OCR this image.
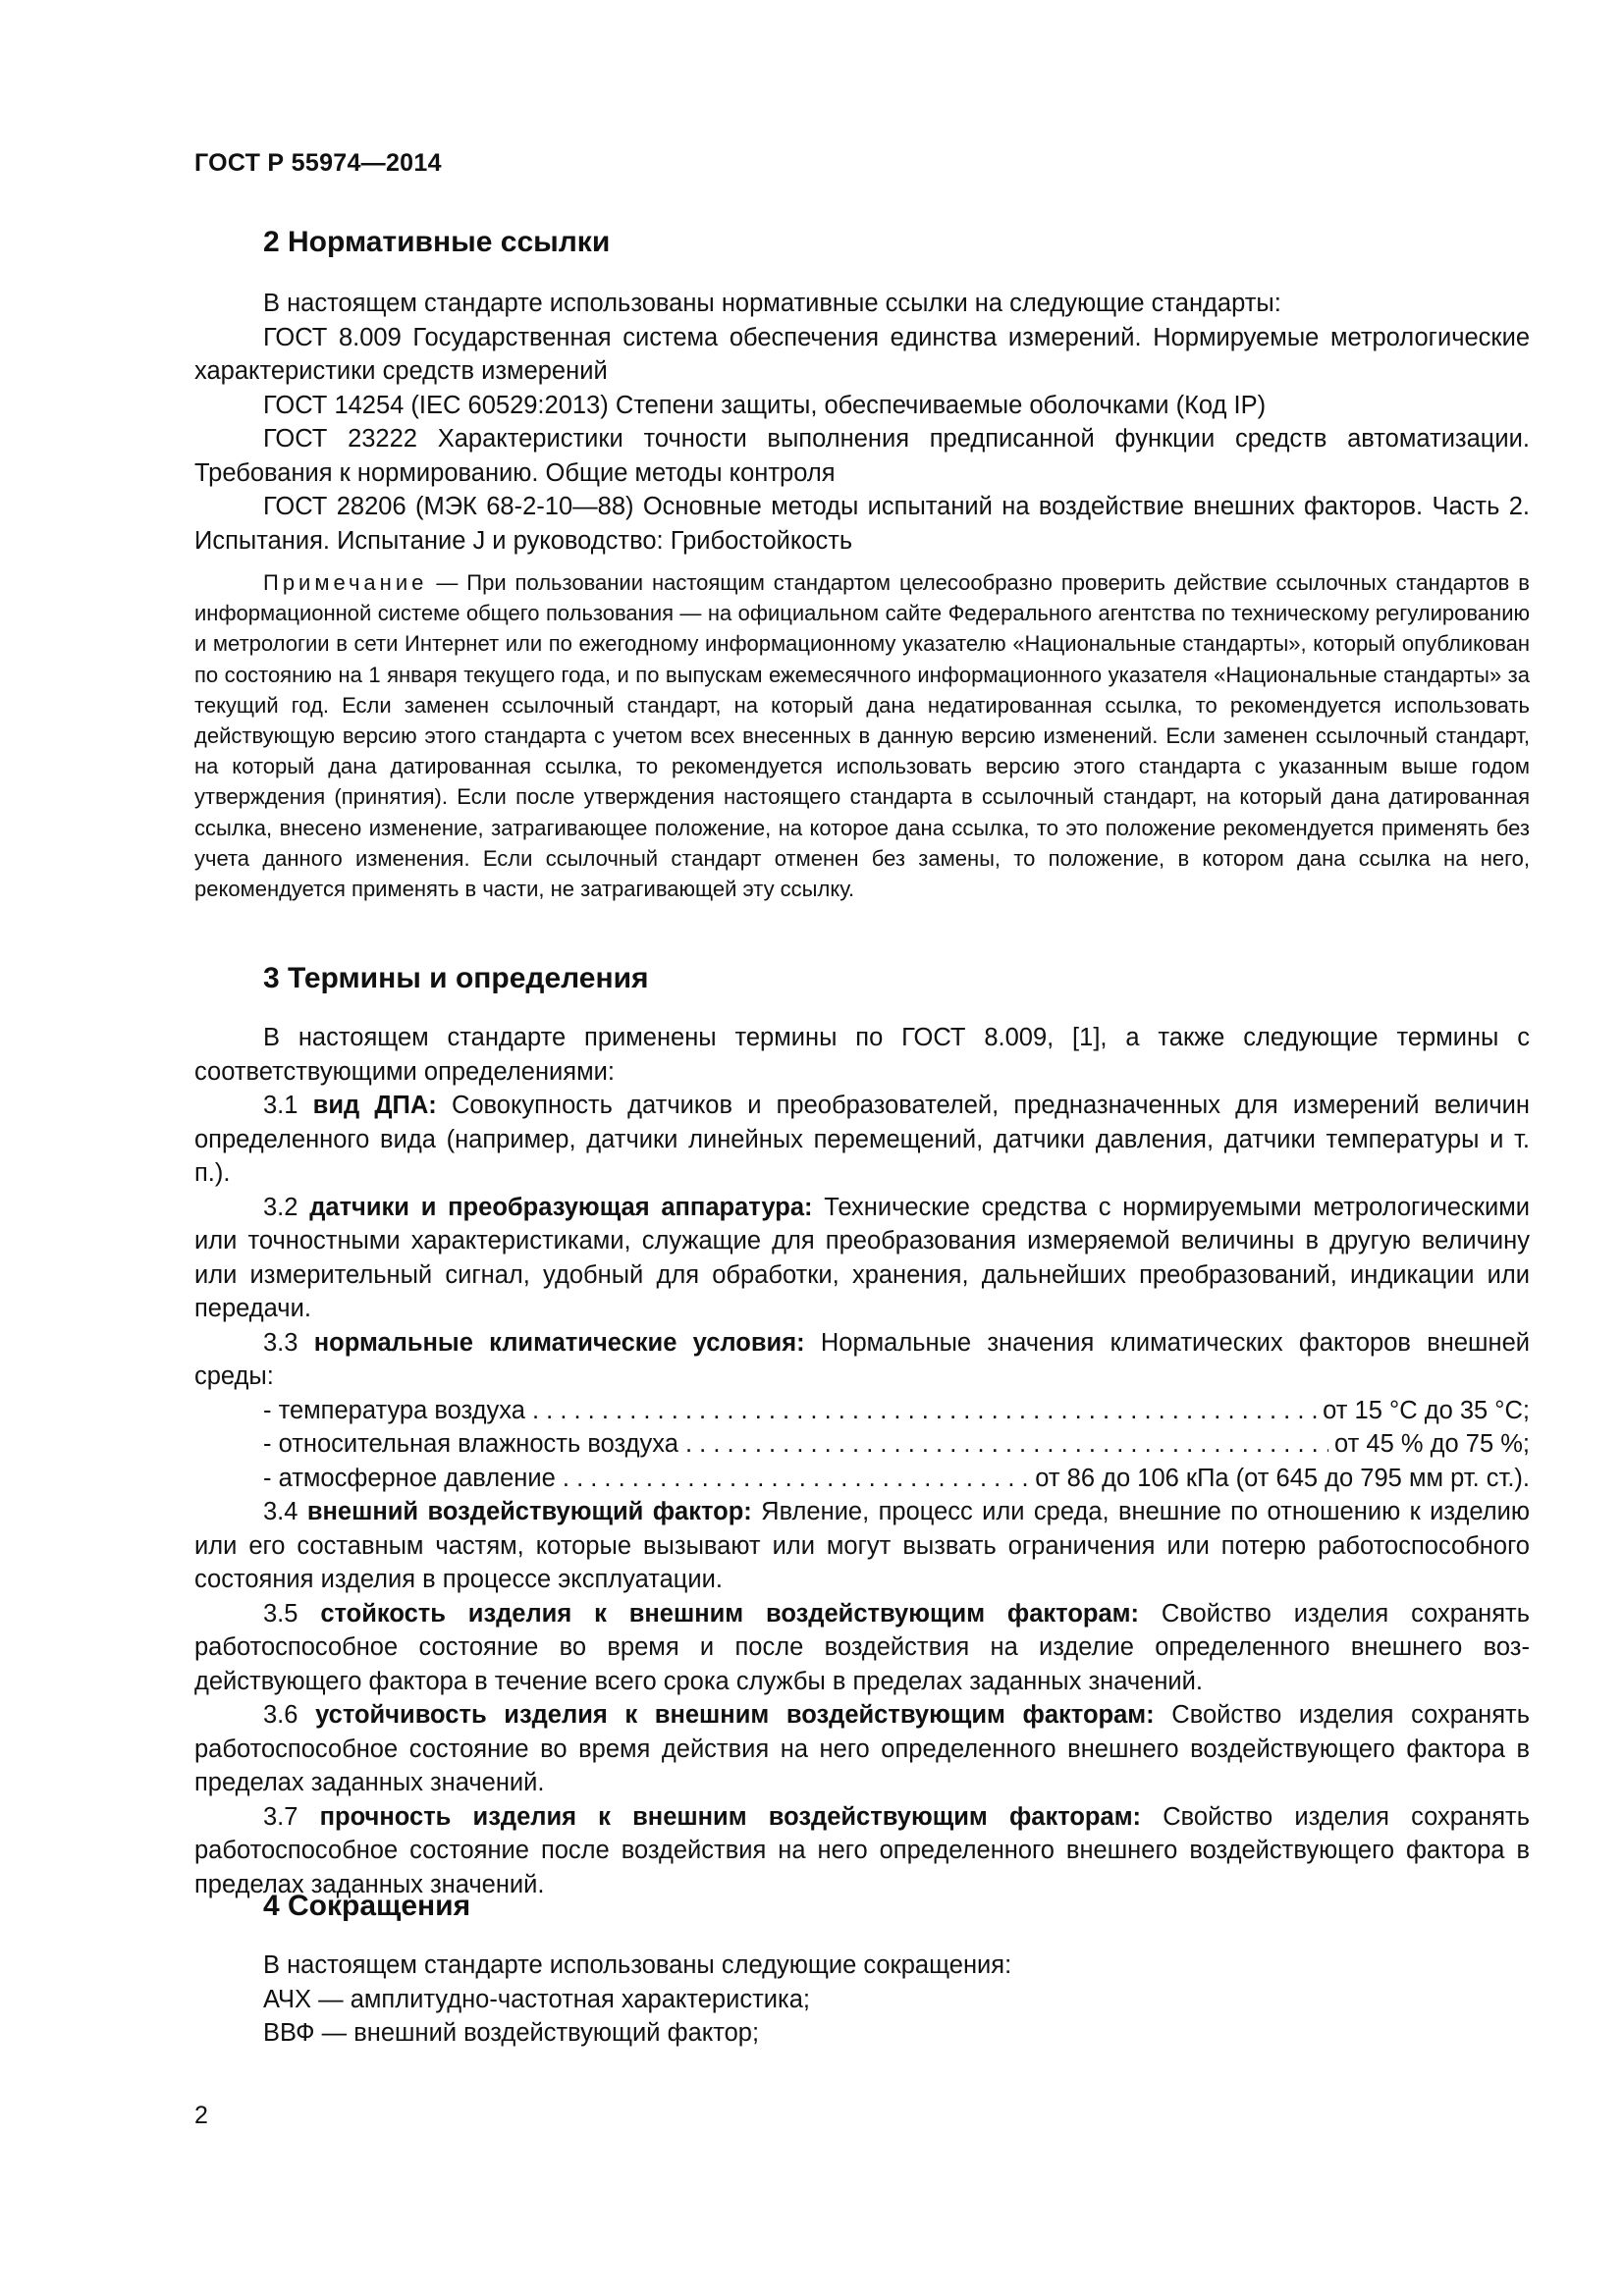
ГОСТ Р 55974—2014
2 Нормативные ссылки

В настоящем стандарте использованы нормативные ссылки на следующие стандарты:

ГОСТ 8.009 Государственная система обеспечения единства измерений. Нормируемые метрологические характеристики средств измерений

ГОСТ 14254 (IEC 60529:2013) Степени защиты, обеспечиваемые оболочками (Код IP)

ГОСТ 23222 Характеристики точности выполнения предписанной функции средств автоматизации. Требования к нормированию. Общие методы контроля

ГОСТ 28206 (МЭК 68-2-10—88) Основные методы испытаний на воздействие внешних факторов. Часть 2. Испытания. Испытание J и руководство: Грибостойкость

Примечание — При пользовании настоящим стандартом целесообразно проверить действие ссылочных стандартов в информационной системе общего пользования — на официальном сайте Федерального агентства по техническому регулированию и метрологии в сети Интернет или по ежегодному информационному указателю «Национальные стандарты», который опубликован по состоянию на 1 января текущего года, и по выпускам ежемесячного информационного указателя «Национальные стандарты» за текущий год. Если заменен ссылочный стандарт, на который дана недатированная ссылка, то рекомендуется использовать действующую версию этого стандарта с учетом всех внесенных в данную версию изменений. Если заменен ссылочный стандарт, на который дана датированная ссылка, то рекомендуется использовать версию этого стандарта с указанным выше годом утверждения (принятия). Если после утверждения настоящего стандарта в ссылочный стандарт, на который дана датированная ссылка, внесено изменение, затрагивающее положение, на которое дана ссылка, то это положение рекомендуется применять без учета данного изменения. Если ссылочный стандарт отменен без замены, то положение, в котором дана ссылка на него, рекомендуется применять в части, не затрагивающей эту ссылку.

3 Термины и определения

В настоящем стандарте применены термины по ГОСТ 8.009, [1], а также следующие термины с соответствующими определениями:

3.1 вид ДПА: Совокупность датчиков и преобразователей, предназначенных для измерений величин определенного вида (например, датчики линейных перемещений, датчики давления, датчики температуры и т. п.).

3.2 датчики и преобразующая аппаратура: Технические средства с нормируемыми метрологическими или точностными характеристиками, служащие для преобразования измеряемой величины в другую величину или измерительный сигнал, удобный для обработки, хранения, дальнейших преобразований, индикации или передачи.

3.3 нормальные климатические условия: Нормальные значения климатических факторов внешней среды:

- температура воздуха . . .	от 15 °С до 35 °С;
- относительная влажность воздуха . . .	от 45 % до 75 %;
- атмосферное давление . . .	от 86 до 106 кПа (от 645 до 795 мм рт. ст.).

3.4 внешний воздействующий фактор: Явление, процесс или среда, внешние по отношению к изделию или его составным частям, которые вызывают или могут вызвать ограничения или потерю работоспособного состояния изделия в процессе эксплуатации.

3.5 стойкость изделия к внешним воздействующим факторам: Свойство изделия сохранять работоспособное состояние во время и после воздействия на изделие определенного внешнего воздействующего фактора в течение всего срока службы в пределах заданных значений.

3.6 устойчивость изделия к внешним воздействующим факторам: Свойство изделия сохранять работоспособное состояние во время действия на него определенного внешнего воздействующего фактора в пределах заданных значений.

3.7 прочность изделия к внешним воздействующим факторам: Свойство изделия сохранять работоспособное состояние после воздействия на него определенного внешнего воздействующего фактора в пределах заданных значений.

4 Сокращения

В настоящем стандарте использованы следующие сокращения:

АЧХ — амплитудно-частотная характеристика;

ВВФ — внешний воздействующий фактор;

2
